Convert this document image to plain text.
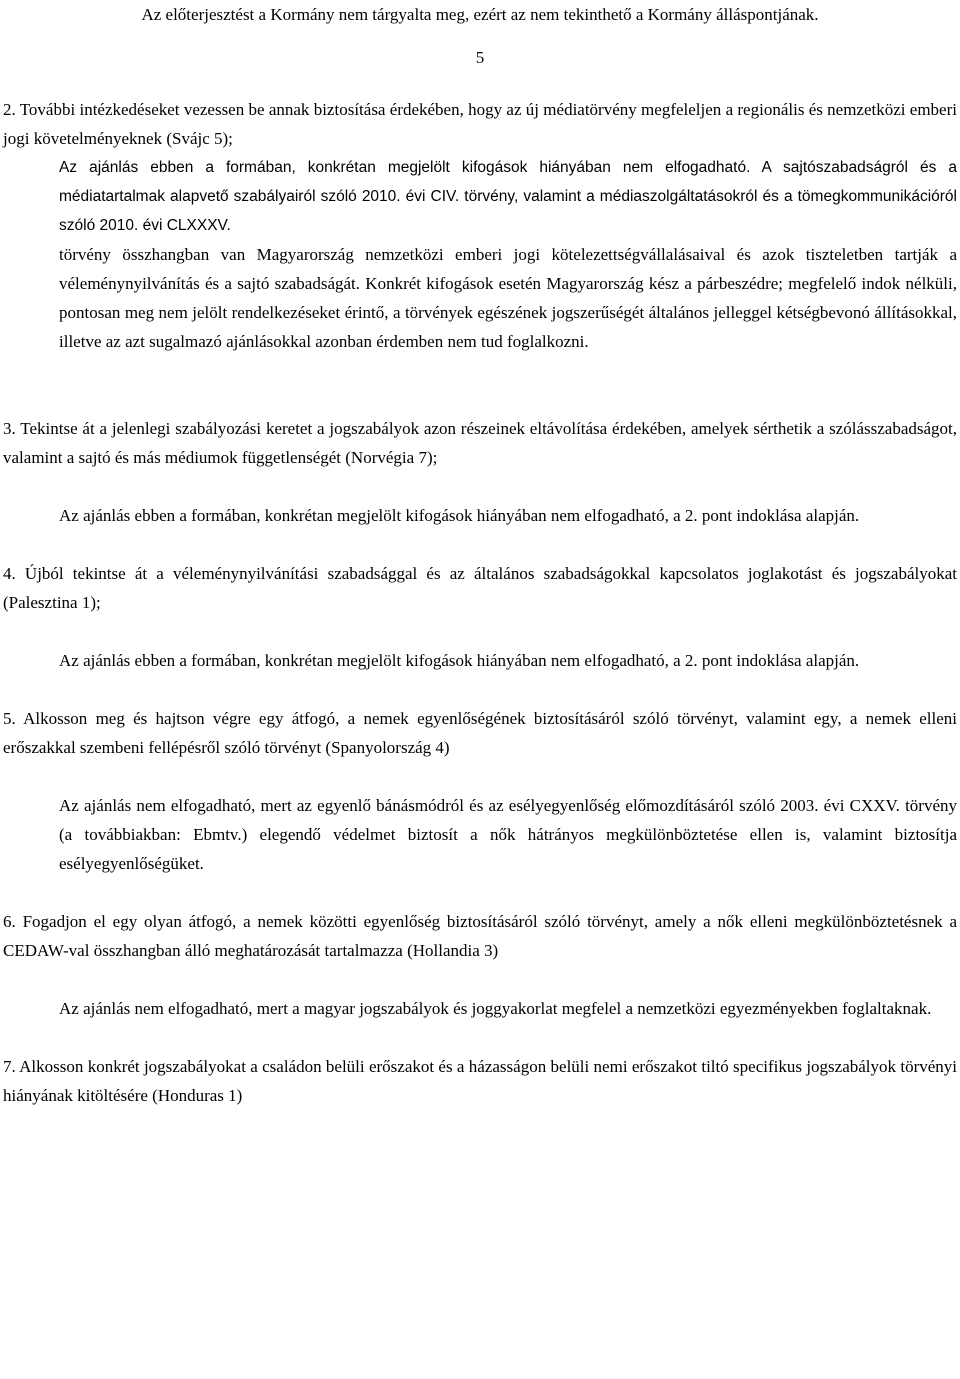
Az előterjesztést a Kormány nem tárgyalta meg, ezért az nem tekinthető a Kormány álláspontjának.
5

2. További intézkedéseket vezessen be annak biztosítása érdekében, hogy az új médiatörvény megfeleljen a regionális és nemzetközi emberi jogi követelményeknek (Svájc 5);

Az ajánlás ebben a formában, konkrétan megjelölt kifogások hiányában nem elfogadható. A sajtószabadságról és a médiatartalmak alapvető szabályairól szóló 2010. évi CIV. törvény, valamint a médiaszolgáltatásokról és a tömegkommunikációról szóló 2010. évi CLXXXV.

törvény összhangban van Magyarország nemzetközi emberi jogi kötelezettségvállalásaival és azok tiszteletben tartják a véleménynyilvánítás és a sajtó szabadságát. Konkrét kifogások esetén Magyarország kész a párbeszédre; megfelelő indok nélküli, pontosan meg nem jelölt rendelkezéseket érintő, a törvények egészének jogszerűségét általános jelleggel kétségbevonó állításokkal, illetve az azt sugalmazó ajánlásokkal azonban érdemben nem tud foglalkozni.

3. Tekintse át a jelenlegi szabályozási keretet a jogszabályok azon részeinek eltávolítása érdekében, amelyek sérthetik a szólásszabadságot, valamint a sajtó és más médiumok függetlenségét (Norvégia 7);

Az ajánlás ebben a formában, konkrétan megjelölt kifogások hiányában nem elfogadható, a 2. pont indoklása alapján.

4. Újból tekintse át a véleménynyilvánítási szabadsággal és az általános szabadságokkal kapcsolatos joglakotást és jogszabályokat (Palesztina 1);

Az ajánlás ebben a formában, konkrétan megjelölt kifogások hiányában nem elfogadható, a 2. pont indoklása alapján.

5. Alkosson meg és hajtson végre egy átfogó, a nemek egyenlőségének biztosításáról szóló törvényt, valamint egy, a nemek elleni erőszakkal szembeni fellépésről szóló törvényt (Spanyolország 4)

Az ajánlás nem elfogadható, mert az egyenlő bánásmódról és az esélyegyenlőség előmozdításáról szóló 2003. évi CXXV. törvény (a továbbiakban: Ebmtv.) elegendő védelmet biztosít a nők hátrányos megkülönböztetése ellen is, valamint biztosítja esélyegyenlőségüket.

6. Fogadjon el egy olyan átfogó, a nemek közötti egyenlőség biztosításáról szóló törvényt, amely a nők elleni megkülönböztetésnek a CEDAW-val összhangban álló meghatározását tartalmazza (Hollandia 3)

Az ajánlás nem elfogadható, mert a magyar jogszabályok és joggyakorlat megfelel a nemzetközi egyezményekben foglaltaknak.

7. Alkosson konkrét jogszabályokat a családon belüli erőszakot és a házasságon belüli nemi erőszakot tiltó specifikus jogszabályok törvényi hiányának kitöltésére (Honduras 1)
